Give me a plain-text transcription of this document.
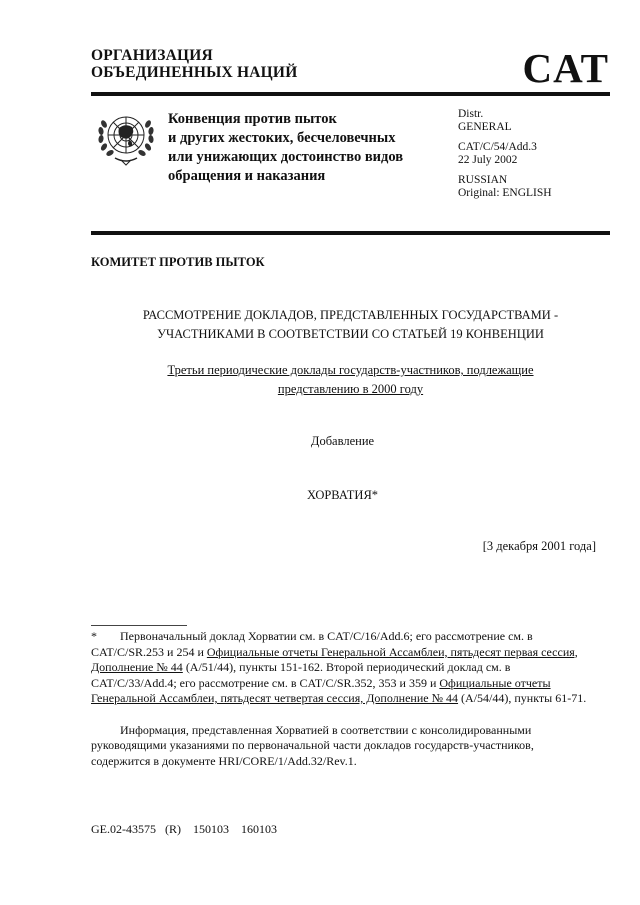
ОРГАНИЗАЦИЯ
ОБЪЕДИНЕННЫХ НАЦИЙ	CAT
Конвенция против пыток
и других жестоких, бесчеловечных
или унижающих достоинство видов
обращения и наказания
Distr.
GENERAL
CAT/C/54/Add.3
22 July 2002
RUSSIAN
Original: ENGLISH
КОМИТЕТ ПРОТИВ ПЫТОК
РАССМОТРЕНИЕ ДОКЛАДОВ, ПРЕДСТАВЛЕННЫХ ГОСУДАРСТВАМИ -
УЧАСТНИКАМИ В СООТВЕТСТВИИ СО СТАТЬЕЙ 19 КОНВЕНЦИИ
Третьи периодические доклады государств-участников, подлежащие
представлению в 2000 году
Добавление
ХОРВАТИЯ*
[3 декабря 2001 года]

* Первоначальный доклад Хорватии см. в CAT/C/16/Add.6; его рассмотрение см. в CAT/C/SR.253 и 254 и Официальные отчеты Генеральной Ассамблеи, пятьдесят первая сессия, Дополнение № 44 (A/51/44), пункты 151-162. Второй периодический доклад см. в CAT/C/33/Add.4; его рассмотрение см. в CAT/C/SR.352, 353 и 359 и Официальные отчеты Генеральной Ассамблеи, пятьдесят четвертая сессия, Дополнение № 44 (A/54/44), пункты 61-71.

Информация, представленная Хорватией в соответствии с консолидированными руководящими указаниями по первоначальной части докладов государств-участников, содержится в документе HRI/CORE/1/Add.32/Rev.1.

GE.02-43575   (R)    150103    160103
